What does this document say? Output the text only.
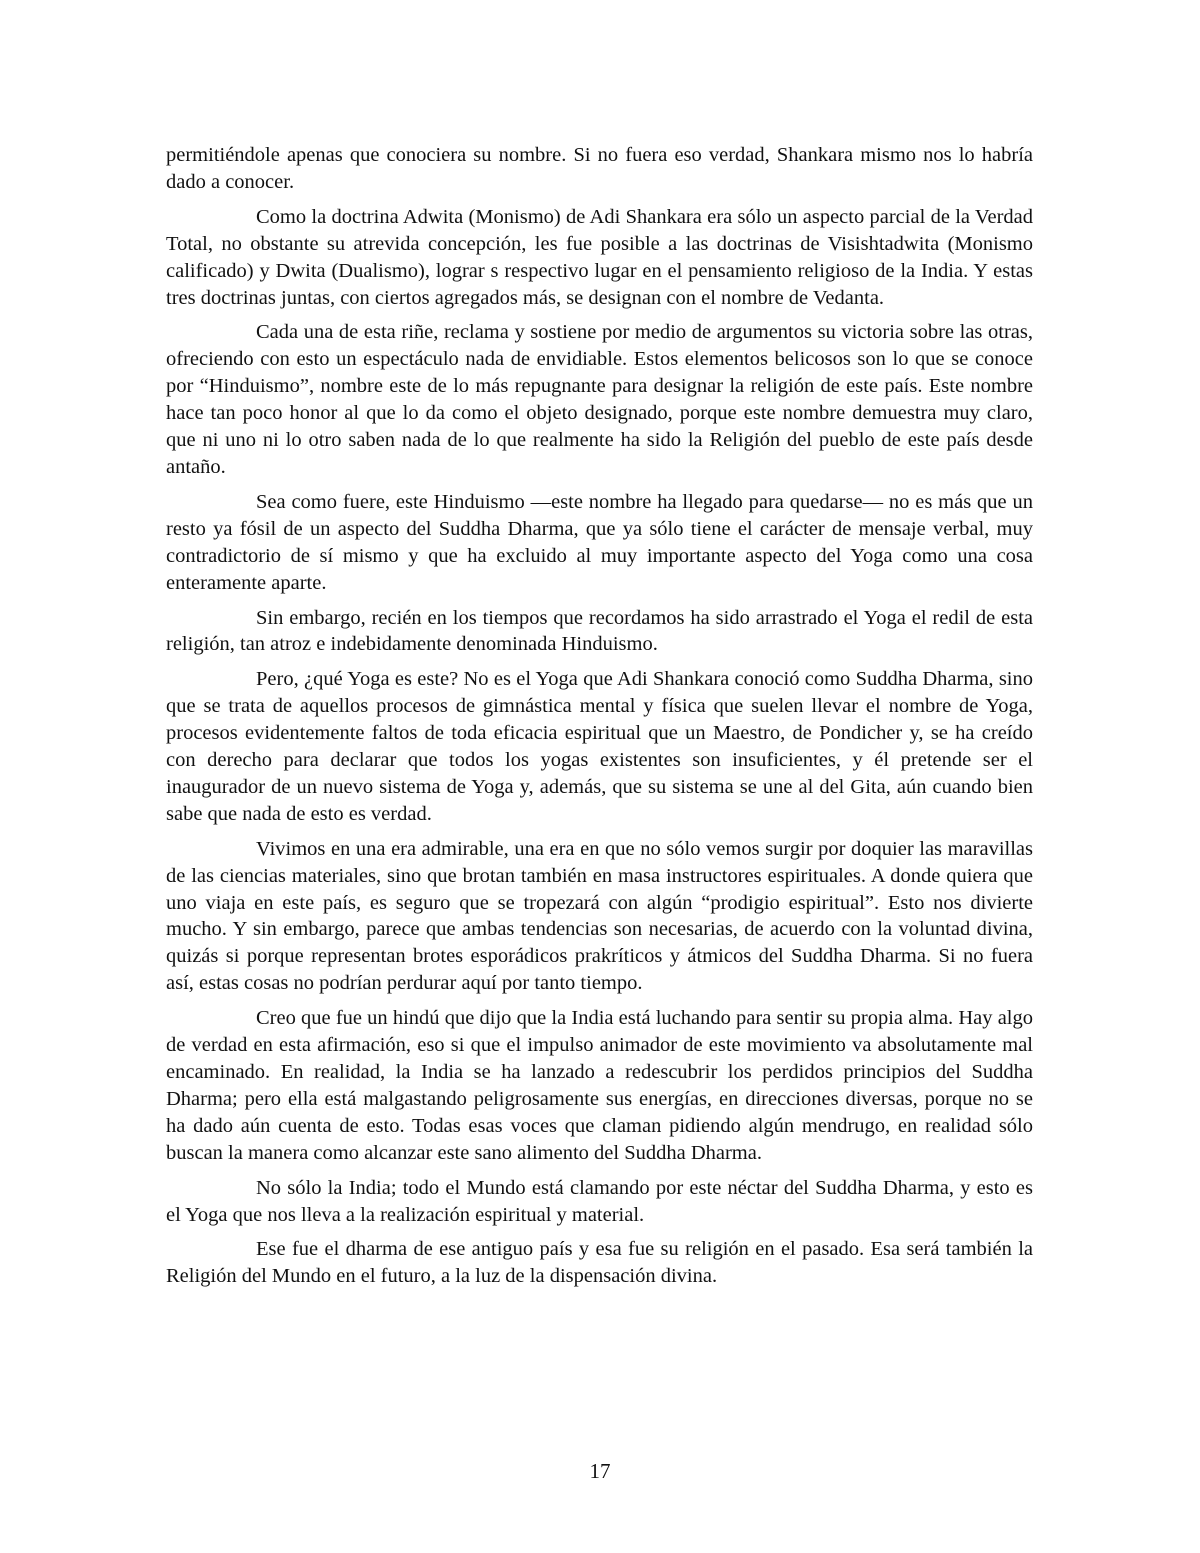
permitiéndole apenas que conociera su nombre. Si no fuera eso verdad, Shankara mismo nos lo habría dado a conocer.

Como la doctrina Adwita (Monismo) de Adi Shankara era sólo un aspecto parcial de la Verdad Total, no obstante su atrevida concepción, les fue posible a las doctrinas de Visishtadwita (Monismo calificado) y Dwita (Dualismo), lograr s respectivo lugar en el pensamiento religioso de la India. Y estas tres doctrinas juntas, con ciertos agregados más, se designan con el nombre de Vedanta.

Cada una de esta riñe, reclama y sostiene por medio de argumentos su victoria sobre las otras, ofreciendo con esto un espectáculo nada de envidiable. Estos elementos belicosos son lo que se conoce por “Hinduismo”, nombre este de lo más repugnante para designar la religión de este país. Este nombre hace tan poco honor al que lo da como el objeto designado, porque este nombre demuestra muy claro, que ni uno ni lo otro saben nada de lo que realmente ha sido la Religión del pueblo de este país desde antaño.

Sea como fuere, este Hinduismo —este nombre ha llegado para quedarse— no es más que un resto ya fósil de un aspecto del Suddha Dharma, que ya sólo tiene el carácter de mensaje verbal, muy contradictorio de sí mismo y que ha excluido al muy importante aspecto del Yoga como una cosa enteramente aparte.

Sin embargo, recién en los tiempos que recordamos ha sido arrastrado el Yoga el redil de esta religión, tan atroz e indebidamente denominada Hinduismo.

Pero, ¿qué Yoga es este? No es el Yoga que Adi Shankara conoció como Suddha Dharma, sino que se trata de aquellos procesos de gimnástica mental y física que suelen llevar el nombre de Yoga, procesos evidentemente faltos de toda eficacia espiritual que un Maestro, de Pondicher y, se ha creído con derecho para declarar que todos los yogas existentes son insuficientes, y él pretende ser el inaugurador de un nuevo sistema de Yoga y, además, que su sistema se une al del Gita, aún cuando bien sabe que nada de esto es verdad.

Vivimos en una era admirable, una era en que no sólo vemos surgir por doquier las maravillas de las ciencias materiales, sino que brotan también en masa instructores espirituales. A donde quiera que uno viaja en este país, es seguro que se tropezará con algún “prodigio espiritual”. Esto nos divierte mucho. Y sin embargo, parece que ambas tendencias son necesarias, de acuerdo con la voluntad divina, quizás si porque representan brotes esporádicos prakríticos y átmicos del Suddha Dharma. Si no fuera así, estas cosas no podrían perdurar aquí por tanto tiempo.

Creo que fue un hindú que dijo que la India está luchando para sentir su propia alma. Hay algo de verdad en esta afirmación, eso si que el impulso animador de este movimiento va absolutamente mal encaminado. En realidad, la India se ha lanzado a redescubrir los perdidos principios del Suddha Dharma; pero ella está malgastando peligrosamente sus energías, en direcciones diversas, porque no se ha dado aún cuenta de esto. Todas esas voces que claman pidiendo algún mendrugo, en realidad sólo buscan la manera como alcanzar este sano alimento del Suddha Dharma.

No sólo la India; todo el Mundo está clamando por este néctar del Suddha Dharma, y esto es el Yoga que nos lleva a la realización espiritual y material.

Ese fue el dharma de ese antiguo país y esa fue su religión en el pasado. Esa será también la Religión del Mundo en el futuro, a la luz de la dispensación divina.

17
